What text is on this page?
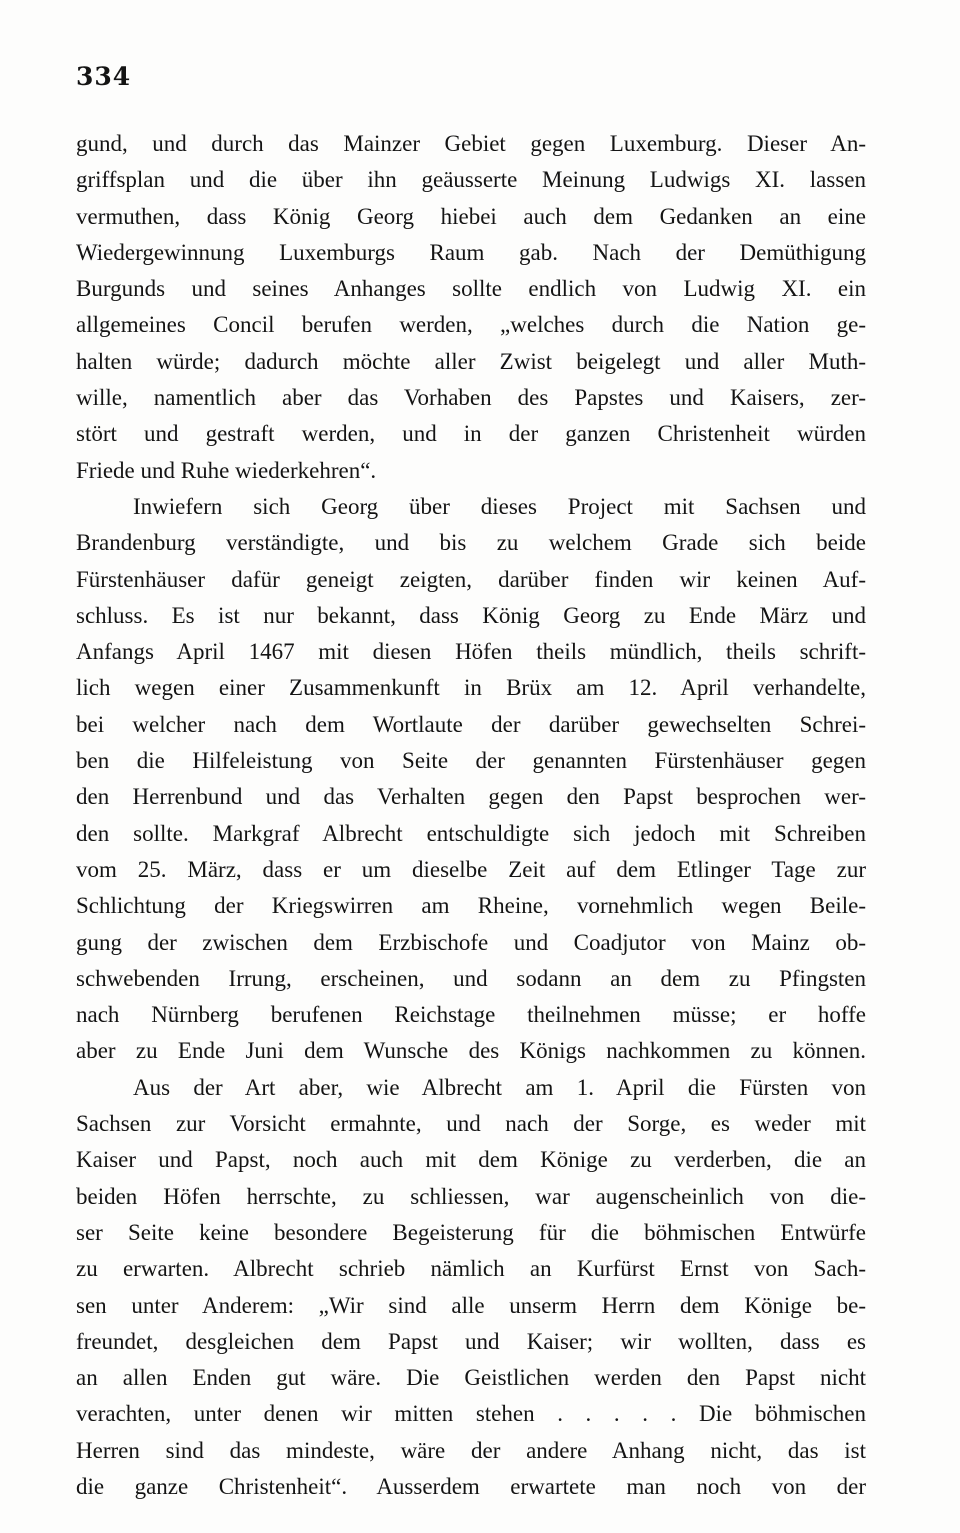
334
gund, und durch das Mainzer Gebiet gegen Luxemburg. Dieser An-
griffsplan und die über ihn geäusserte Meinung Ludwigs XI. lassen
vermuthen, dass König Georg hiebei auch dem Gedanken an eine
Wiedergewinnung Luxemburgs Raum gab. Nach der Demüthigung
Burgunds und seines Anhanges sollte endlich von Ludwig XI. ein
allgemeines Concil berufen werden, „welches durch die Nation ge-
halten würde; dadurch möchte aller Zwist beigelegt und aller Muth-
wille, namentlich aber das Vorhaben des Papstes und Kaisers, zer-
stört und gestraft werden, und in der ganzen Christenheit würden
Friede und Ruhe wiederkehren“.
Inwiefern sich Georg über dieses Project mit Sachsen und
Brandenburg verständigte, und bis zu welchem Grade sich beide
Fürstenhäuser dafür geneigt zeigten, darüber finden wir keinen Auf-
schluss. Es ist nur bekannt, dass König Georg zu Ende März und
Anfangs April 1467 mit diesen Höfen theils mündlich, theils schrift-
lich wegen einer Zusammenkunft in Brüx am 12. April verhandelte,
bei welcher nach dem Wortlaute der darüber gewechselten Schrei-
ben die Hilfeleistung von Seite der genannten Fürstenhäuser gegen
den Herrenbund und das Verhalten gegen den Papst besprochen wer-
den sollte. Markgraf Albrecht entschuldigte sich jedoch mit Schreiben
vom 25. März, dass er um dieselbe Zeit auf dem Etlinger Tage zur
Schlichtung der Kriegswirren am Rheine, vornehmlich wegen Beile-
gung der zwischen dem Erzbischofe und Coadjutor von Mainz ob-
schwebenden Irrung, erscheinen, und sodann an dem zu Pfingsten
nach Nürnberg berufenen Reichstage theilnehmen müsse; er hoffe
aber zu Ende Juni dem Wunsche des Königs nachkommen zu können.
Aus der Art aber, wie Albrecht am 1. April die Fürsten von
Sachsen zur Vorsicht ermahnte, und nach der Sorge, es weder mit
Kaiser und Papst, noch auch mit dem Könige zu verderben, die an
beiden Höfen herrschte, zu schliessen, war augenscheinlich von die-
ser Seite keine besondere Begeisterung für die böhmischen Entwürfe
zu erwarten. Albrecht schrieb nämlich an Kurfürst Ernst von Sach-
sen unter Anderem: „Wir sind alle unserm Herrn dem Könige be-
freundet, desgleichen dem Papst und Kaiser; wir wollten, dass es
an allen Enden gut wäre. Die Geistlichen werden den Papst nicht
verachten, unter denen wir mitten stehen . . . . . Die böhmischen
Herren sind das mindeste, wäre der andere Anhang nicht, das ist
die ganze Christenheit“. Ausserdem erwartete man noch von der
